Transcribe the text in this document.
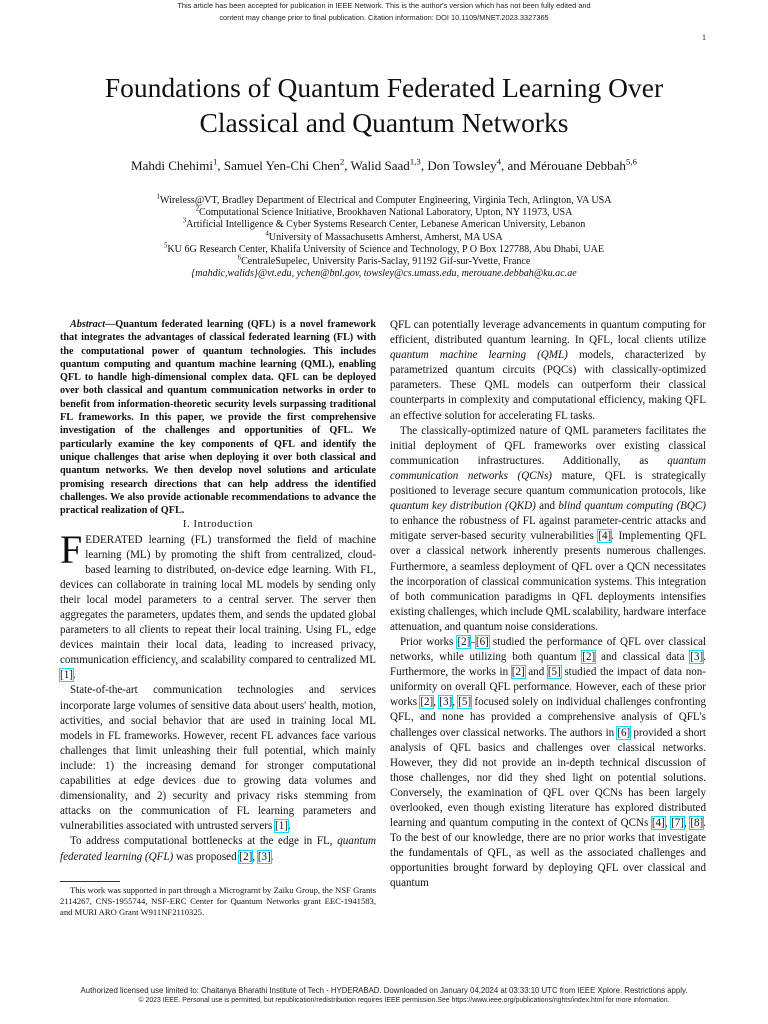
This article has been accepted for publication in IEEE Network. This is the author's version which has not been fully edited and
content may change prior to final publication. Citation information: DOI 10.1109/MNET.2023.3327365
1
Foundations of Quantum Federated Learning Over
Classical and Quantum Networks
Mahdi Chehimi$^1$, Samuel Yen-Chi Chen$^2$, Walid Saad$^{1,3}$, Don Towsley$^4$, and Mérouane Debbah$^{5,6}$
$^1$Wireless@VT, Bradley Department of Electrical and Computer Engineering, Virginia Tech, Arlington, VA USA
$^2$Computational Science Initiative, Brookhaven National Laboratory, Upton, NY 11973, USA
$^3$Artificial Intelligence & Cyber Systems Research Center, Lebanese American University, Lebanon
$^4$University of Massachusetts Amherst, Amherst, MA USA
$^5$KU 6G Research Center, Khalifa University of Science and Technology, P O Box 127788, Abu Dhabi, UAE
$^6$CentraleSupelec, University Paris-Saclay, 91192 Gif-sur-Yvette, France
{mahdic,walids}@vt.edu, ychen@bnl.gov, towsley@cs.umass.edu, merouane.debbah@ku.ac.ae

Abstract—Quantum federated learning (QFL) is a novel framework that integrates the advantages of classical federated learning (FL) with the computational power of quantum technologies. This includes quantum computing and quantum machine learning (QML), enabling QFL to handle high-dimensional complex data. QFL can be deployed over both classical and quantum communication networks in order to benefit from information-theoretic security levels surpassing traditional FL frameworks. In this paper, we provide the first comprehensive investigation of the challenges and opportunities of QFL. We particularly examine the key components of QFL and identify the unique challenges that arise when deploying it over both classical and quantum networks. We then develop novel solutions and articulate promising research directions that can help address the identified challenges. We also provide actionable recommendations to advance the practical realization of QFL.

I. Introduction

FEDERATED learning (FL) transformed the field of machine learning (ML) by promoting the shift from centralized, cloud-based learning to distributed, on-device edge learning. With FL, devices can collaborate in training local ML models by sending only their local model parameters to a central server. The server then aggregates the parameters, updates them, and sends the updated global parameters to all clients to repeat their local training. Using FL, edge devices maintain their local data, leading to increased privacy, communication efficiency, and scalability compared to centralized ML [1].

State-of-the-art communication technologies and services incorporate large volumes of sensitive data about users' health, motion, activities, and social behavior that are used in training local ML models in FL frameworks. However, recent FL advances face various challenges that limit unleashing their full potential, which mainly include: 1) the increasing demand for stronger computational capabilities at edge devices due to growing data volumes and dimensionality, and 2) security and privacy risks stemming from attacks on the communication of FL learning parameters and vulnerabilities associated with untrusted servers [1].

To address computational bottlenecks at the edge in FL, quantum federated learning (QFL) was proposed [2], [3].

This work was supported in part through a Micrograrnt by Zaiku Group, the NSF Grants 2114267, CNS-1955744, NSF-ERC Center for Quantum Networks grant EEC-1941583, and MURI ARO Grant W911NF2110325.

QFL can potentially leverage advancements in quantum computing for efficient, distributed quantum learning. In QFL, local clients utilize quantum machine learning (QML) models, characterized by parametrized quantum circuits (PQCs) with classically-optimized parameters. These QML models can outperform their classical counterparts in complexity and computational efficiency, making QFL an effective solution for accelerating FL tasks.

The classically-optimized nature of QML parameters facilitates the initial deployment of QFL frameworks over existing classical communication infrastructures. Additionally, as quantum communication networks (QCNs) mature, QFL is strategically positioned to leverage secure quantum communication protocols, like quantum key distribution (QKD) and blind quantum computing (BQC) to enhance the robustness of FL against parameter-centric attacks and mitigate server-based security vulnerabilities [4]. Implementing QFL over a classical network inherently presents numerous challenges. Furthermore, a seamless deployment of QFL over a QCN necessitates the incorporation of classical communication systems. This integration of both communication paradigms in QFL deployments intensifies existing challenges, which include QML scalability, hardware interface attenuation, and quantum noise considerations.

Prior works [2]–[6] studied the performance of QFL over classical networks, while utilizing both quantum [2] and classical data [3]. Furthermore, the works in [2] and [5] studied the impact of data non-uniformity on overall QFL performance. However, each of these prior works [2], [3], [5] focused solely on individual challenges confronting QFL, and none has provided a comprehensive analysis of QFL's challenges over classical networks. The authors in [6] provided a short analysis of QFL basics and challenges over classical networks. However, they did not provide an in-depth technical discussion of those challenges, nor did they shed light on potential solutions. Conversely, the examination of QFL over QCNs has been largely overlooked, even though existing literature has explored distributed learning and quantum computing in the context of QCNs [4], [7], [8]. To the best of our knowledge, there are no prior works that investigate the fundamentals of QFL, as well as the associated challenges and opportunities brought forward by deploying QFL over classical and quantum

Authorized licensed use limited to: Chaitanya Bharathi Institute of Tech - HYDERABAD. Downloaded on January 04,2024 at 03:33:10 UTC from IEEE Xplore. Restrictions apply.
© 2023 IEEE. Personal use is permitted, but republication/redistribution requires IEEE permission.See https://www.ieee.org/publications/rights/index.html for more information.
